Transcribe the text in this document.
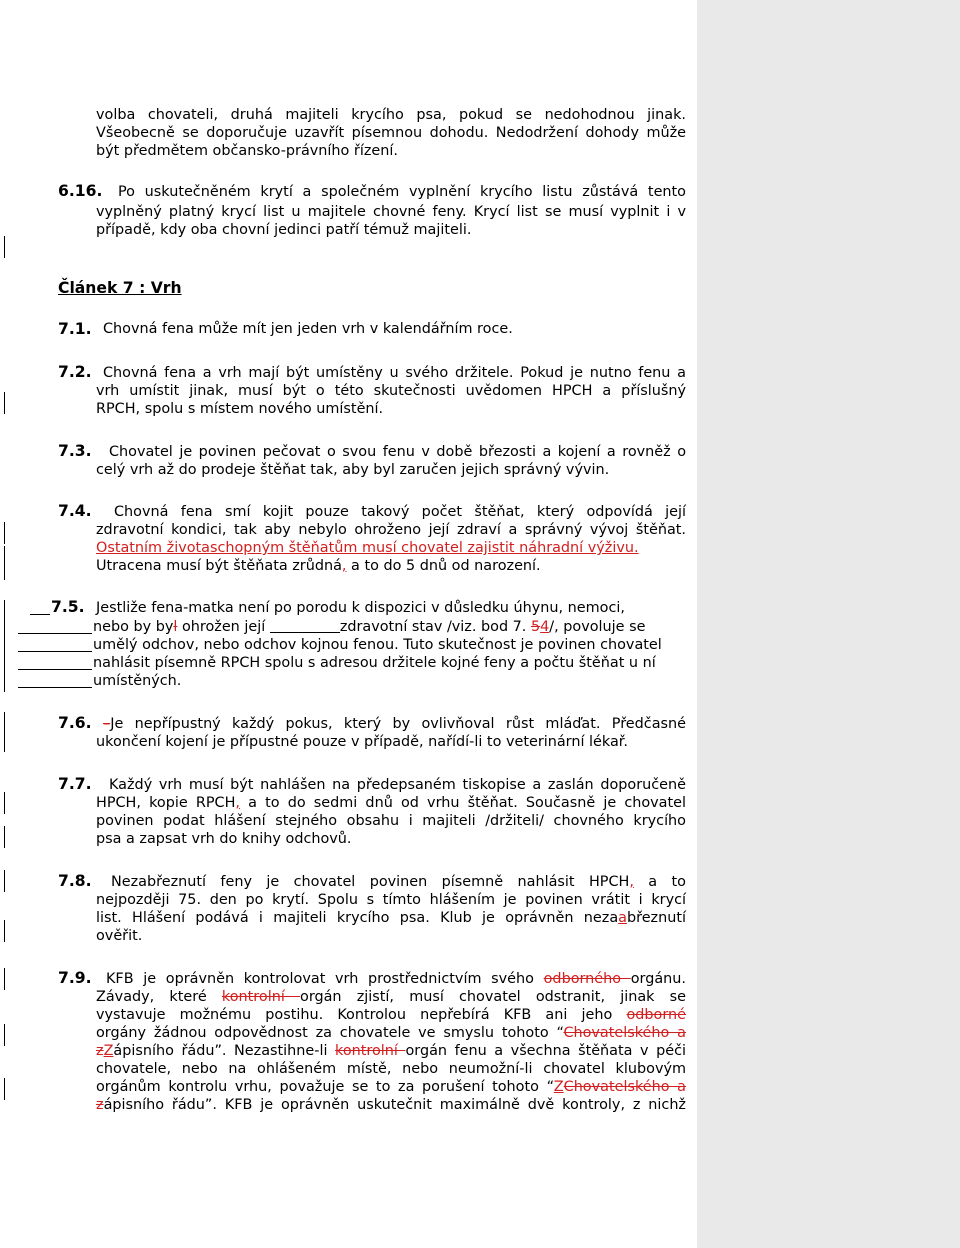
volba chovateli, druhá majiteli krycího psa, pokud se nedohodnou jinak.
Všeobecně se doporučuje uzavřít písemnou dohodu. Nedodržení dohody může
být předmětem občansko-právního řízení.
6.16. Po uskutečněném krytí a společném vyplnění krycího listu zůstává tento
vyplněný platný krycí list u majitele chovné feny. Krycí list se musí vyplnit i v
případě, kdy oba chovní jedinci patří témuž majiteli.
Článek 7 : Vrh
7.1. Chovná fena může mít jen jeden vrh v kalendářním roce.
7.2. Chovná fena a vrh mají být umístěny u svého držitele. Pokud je nutno fenu a
vrh umístit jinak, musí být o této skutečnosti uvědomen HPCH a příslušný
RPCH, spolu s místem nového umístění.
7.3. Chovatel je povinen pečovat o svou fenu v době březosti a kojení a rovněž o
celý vrh až do prodeje štěňat tak, aby byl zaručen jejich správný vývin.
7.4. Chovná fena smí kojit pouze takový počet štěňat, který odpovídá její
zdravotní kondici, tak aby nebylo ohroženo její zdraví a správný vývoj štěňat.
Ostatním životaschopným štěňatům musí chovatel zajistit náhradní výživu.
Utracena musí být štěňata zrůdná, a to do 5 dnů od narození.
7.5. Jestliže fena-matka není po porodu k dispozici v důsledku úhynu, nemoci,
nebo by byl ohrožen její	zdravotní stav /viz. bod 7. 54/, povoluje se
umělý odchov, nebo odchov kojnou fenou. Tuto skutečnost je povinen chovatel
nahlásit písemně RPCH spolu s adresou držitele kojné feny a počtu štěňat u ní
umístěných.
7.6. –Je nepřípustný každý pokus, který by ovlivňoval růst mláďat. Předčasné
ukončení kojení je přípustné pouze v případě, nařídí-li to veterinární lékař.
7.7. Každý vrh musí být nahlášen na předepsaném tiskopise a zaslán doporučeně
HPCH, kopie RPCH, a to do sedmi dnů od vrhu štěňat. Současně je chovatel
povinen podat hlášení stejného obsahu i majiteli /držiteli/ chovného krycího
psa a zapsat vrh do knihy odchovů.
7.8. Nezabřeznutí feny je chovatel povinen písemně nahlásit HPCH, a to
nejpozději 75. den po krytí. Spolu s tímto hlášením je povinen vrátit i krycí
list. Hlášení podává i majiteli krycího psa. Klub je oprávněn nezaabřeznutí
ověřit.
7.9. KFB je oprávněn kontrolovat vrh prostřednictvím svého odborného orgánu.
Závady, které kontrolní orgán zjistí, musí chovatel odstranit, jinak se
vystavuje možnému postihu. Kontrolou nepřebírá KFB ani jeho odborné
orgány žádnou odpovědnost za chovatele ve smyslu tohoto “Chovatelského a
zZápisního řádu”. Nezastihne-li kontrolní orgán fenu a všechna štěňata v péči
chovatele, nebo na ohlášeném místě, nebo neumožní-li chovatel klubovým
orgánům kontrolu vrhu, považuje se to za porušení tohoto “ZChovatelského a
zápisního řádu”. KFB je oprávněn uskutečnit maximálně dvě kontroly, z nichž
